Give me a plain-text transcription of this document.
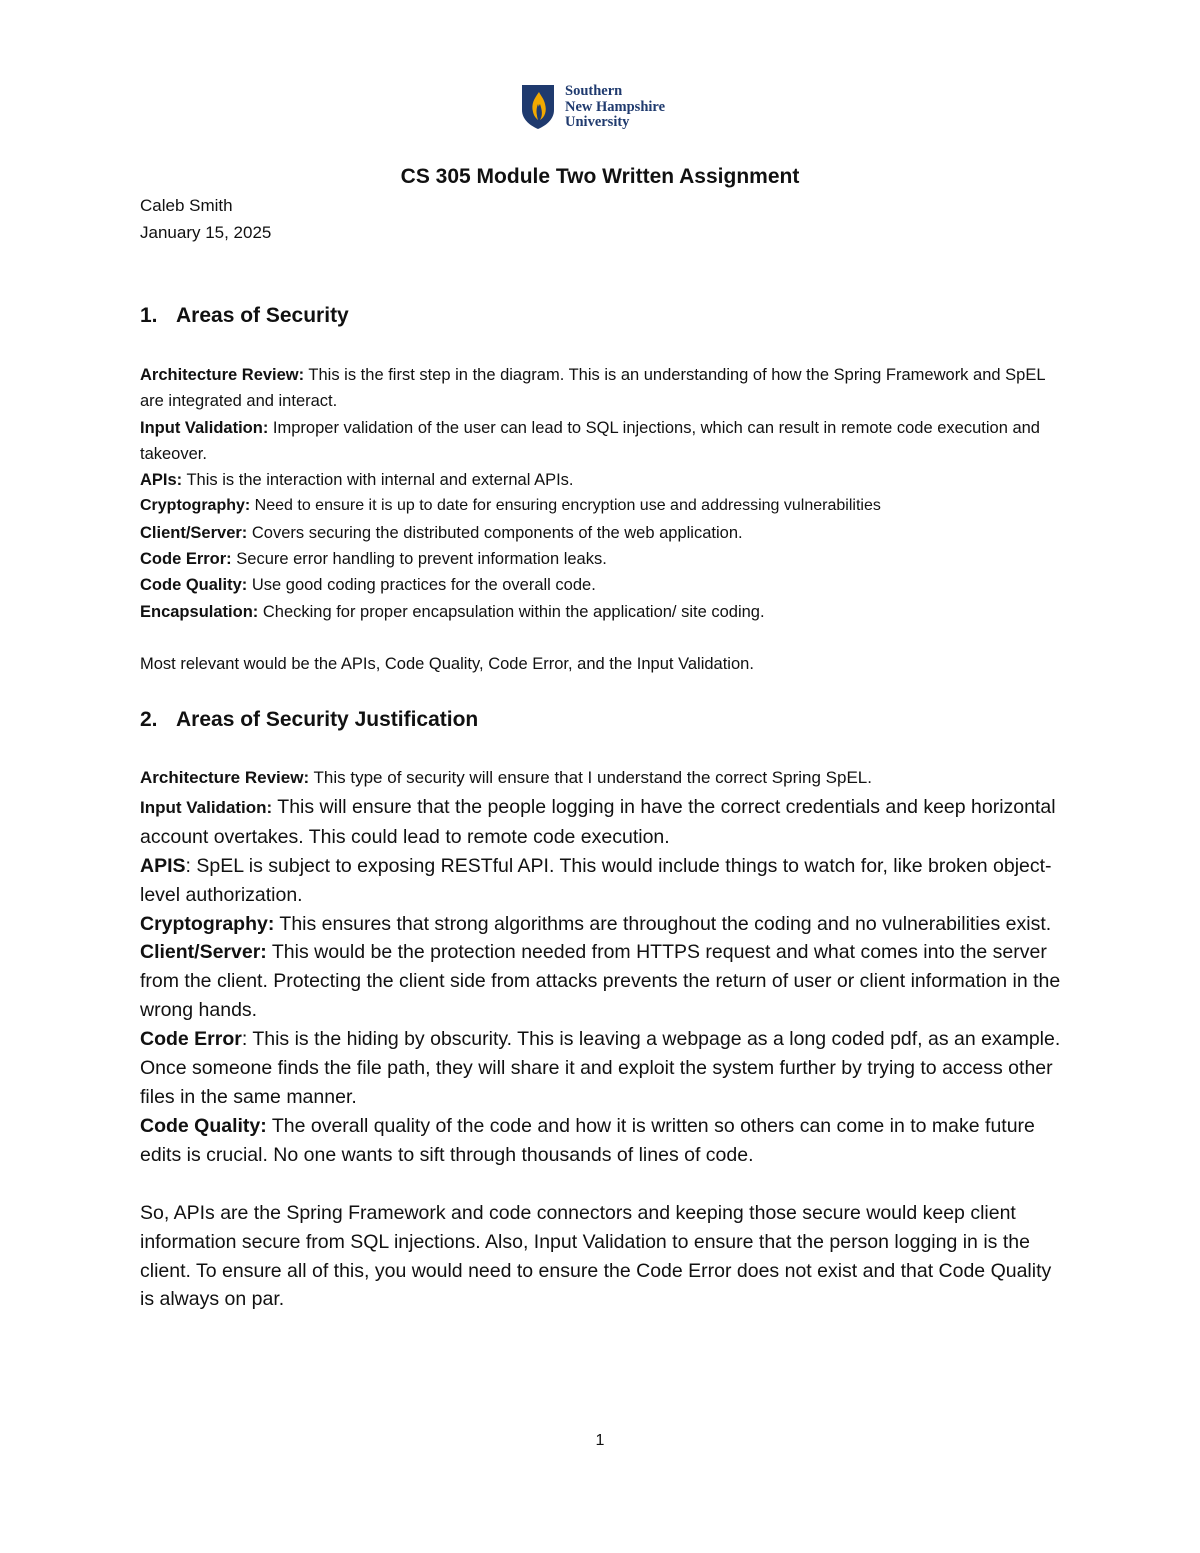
Southern
New Hampshire
University
CS 305 Module Two Written Assignment
Caleb Smith
January 15, 2025
1. Areas of Security

Architecture Review: This is the first step in the diagram. This is an understanding of how the Spring Framework and SpEL are integrated and interact.

Input Validation: Improper validation of the user can lead to SQL injections, which can result in remote code execution and takeover.

APIs: This is the interaction with internal and external APIs.

Cryptography: Need to ensure it is up to date for ensuring encryption use and addressing vulnerabilities

Client/Server: Covers securing the distributed components of the web application.

Code Error: Secure error handling to prevent information leaks.

Code Quality: Use good coding practices for the overall code.

Encapsulation: Checking for proper encapsulation within the application/ site coding.

Most relevant would be the APIs, Code Quality, Code Error, and the Input Validation.

2. Areas of Security Justification

Architecture Review: This type of security will ensure that I understand the correct Spring SpEL.

Input Validation: This will ensure that the people logging in have the correct credentials and keep horizontal account overtakes. This could lead to remote code execution.

APIS: SpEL is subject to exposing RESTful API. This would include things to watch for, like broken object-level authorization.

Cryptography: This ensures that strong algorithms are throughout the coding and no vulnerabilities exist.

Client/Server: This would be the protection needed from HTTPS request and what comes into the server from the client. Protecting the client side from attacks prevents the return of user or client information in the wrong hands.

Code Error: This is the hiding by obscurity. This is leaving a webpage as a long coded pdf, as an example. Once someone finds the file path, they will share it and exploit the system further by trying to access other files in the same manner.

Code Quality: The overall quality of the code and how it is written so others can come in to make future edits is crucial. No one wants to sift through thousands of lines of code.

So, APIs are the Spring Framework and code connectors and keeping those secure would keep client information secure from SQL injections. Also, Input Validation to ensure that the person logging in is the client. To ensure all of this, you would need to ensure the Code Error does not exist and that Code Quality is always on par.

1
